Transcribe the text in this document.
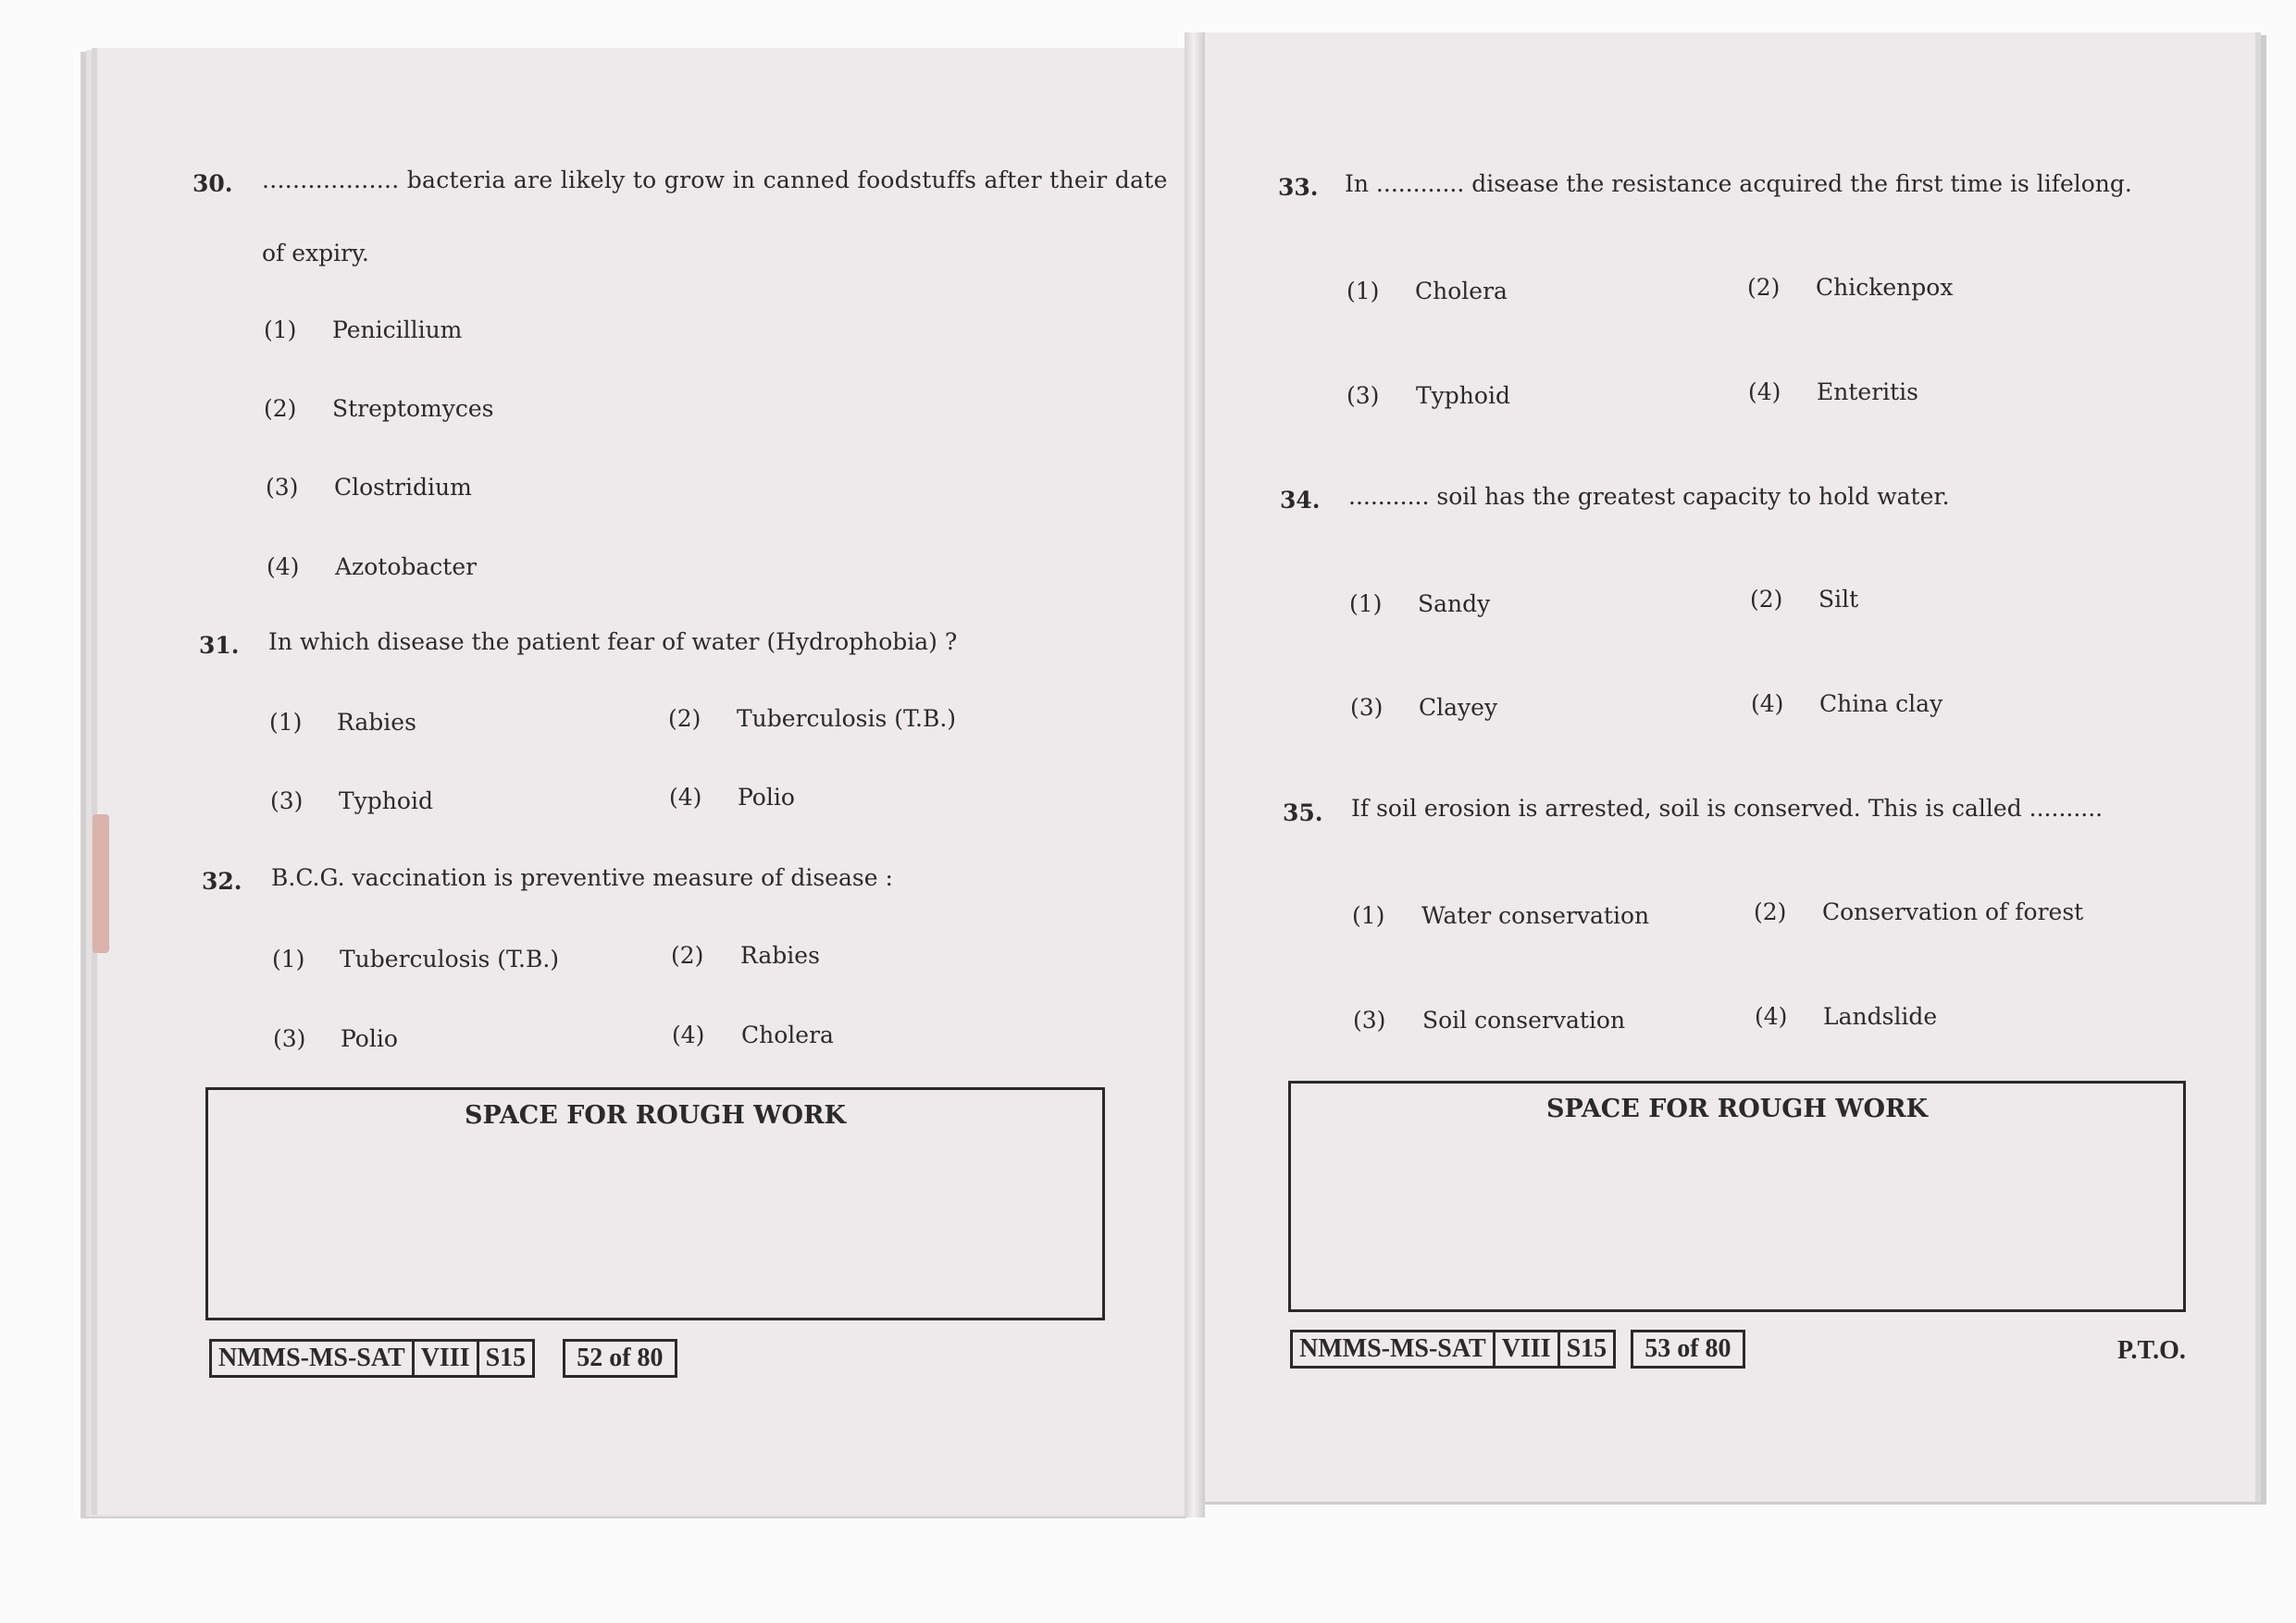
30. .................. bacteria are likely to grow in canned foodstuffs after their date
of expiry.
(1) Penicillium
(2) Streptomyces
(3) Clostridium
(4) Azotobacter
31. In which disease the patient fear of water (Hydrophobia) ?
(1) Rabies	(2) Tuberculosis (T.B.)
(3) Typhoid	(4) Polio
32. B.C.G. vaccination is preventive measure of disease :
(1) Tuberculosis (T.B.)	(2) Rabies
(3) Polio	(4) Cholera
SPACE FOR ROUGH WORK
NMMS-MS-SAT VIII S15	52 of 80
33. In ............ disease the resistance acquired the first time is lifelong.
(1) Cholera	(2) Chickenpox
(3) Typhoid	(4) Enteritis
34. ........... soil has the greatest capacity to hold water.
(1) Sandy	(2) Silt
(3) Clayey	(4) China clay
35. If soil erosion is arrested, soil is conserved. This is called ..........
(1) Water conservation	(2) Conservation of forest
(3) Soil conservation	(4) Landslide
SPACE FOR ROUGH WORK
NMMS-MS-SAT VIII S15	53 of 80	P.T.O.
